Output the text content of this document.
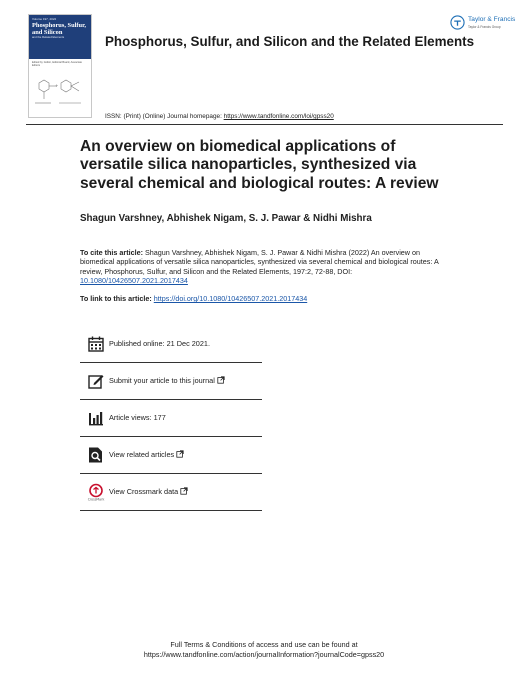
Volume 197, 2022
Phosphorus, Sulfur, and Silicon
and the Related Elements
Edited by: Editor, Editorial Board, Associate Editors
+
Phosphorus, Sulfur, and Silicon and the Related Elements
Taylor & Francis
Taylor & Francis Group
ISSN: (Print) (Online) Journal homepage: https://www.tandfonline.com/loi/gpss20
An overview on biomedical applications of
versatile silica nanoparticles, synthesized via
several chemical and biological routes: A review
Shagun Varshney, Abhishek Nigam, S. J. Pawar & Nidhi Mishra
To cite this article: Shagun Varshney, Abhishek Nigam, S. J. Pawar & Nidhi Mishra (2022) An overview on biomedical applications of versatile silica nanoparticles, synthesized via several chemical and biological routes: A review, Phosphorus, Sulfur, and Silicon and the Related Elements, 197:2, 72-88, DOI: 10.1080/10426507.2021.2017434
To link to this article: https://doi.org/10.1080/10426507.2021.2017434
Published online: 21 Dec 2021.
Submit your article to this journal
Article views: 177
View related articles
CrossMark
View Crossmark data
Full Terms & Conditions of access and use can be found at
https://www.tandfonline.com/action/journalInformation?journalCode=gpss20
